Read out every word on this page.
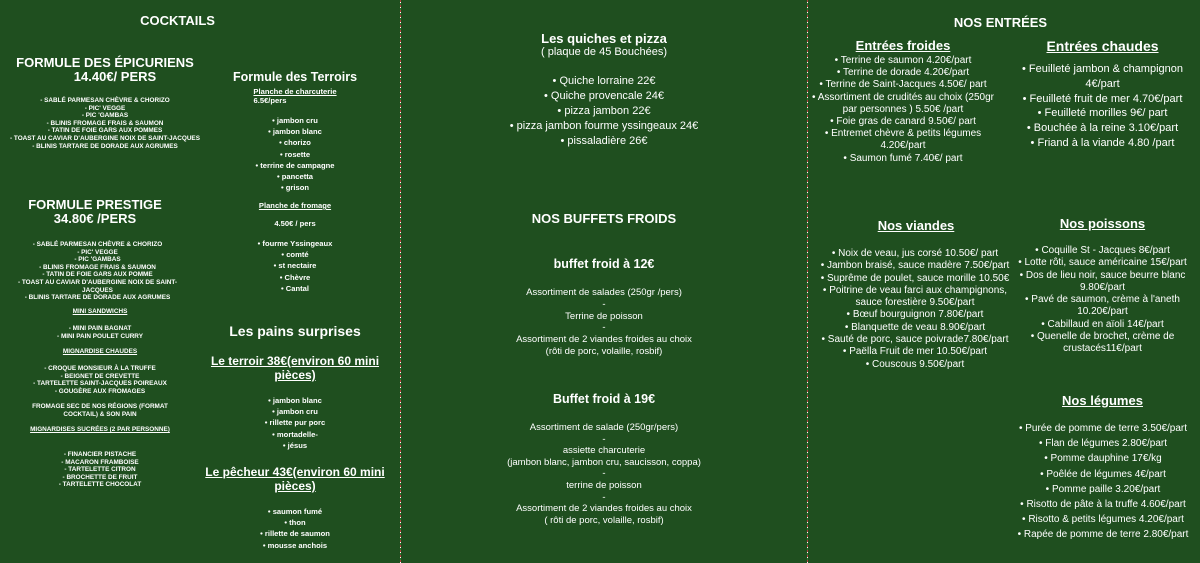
COCKTAILS
FORMULE DES ÉPICURIENS
14.40€/ PERS
- SABLÉ PARMESAN CHÈVRE & CHORIZO
- PIC' VEGGE
- PIC 'GAMBAS
- BLINIS FROMAGE FRAIS & SAUMON
- TATIN DE FOIE GARS AUX POMMES
- TOAST AU CAVIAR D'AUBERGINE NOIX DE SAINT-JACQUES
- BLINIS TARTARE DE DORADE AUX AGRUMES
FORMULE PRESTIGE
34.80€ /PERS
- SABLÉ PARMESAN CHÈVRE & CHORIZO
- PIC' VEGGE
- PIC 'GAMBAS
- BLINIS FROMAGE FRAIS & SAUMON
- TATIN DE FOIE GARS AUX POMME
- TOAST AU CAVIAR D'AUBERGINE NOIX DE SAINT-JACQUES
- BLINIS TARTARE DE DORADE AUX AGRUMES
MINI SANDWICHS
- MINI PAIN BAGNAT
- MINI PAIN POULET CURRY
MIGNARDISE CHAUDES
- CROQUE MONSIEUR À LA TRUFFE
- BEIGNET DE CREVETTE
- TARTELETTE SAINT-JACQUES POIREAUX
- GOUGÈRE AUX FROMAGES
FROMAGE SEC DE NOS RÉGIONS (FORMAT COCKTAIL) & SON PAIN
MIGNARDISES SUCRÉES (2 PAR PERSONNE)
- FINANCIER PISTACHE
- MACARON FRAMBOISE
- TARTELETTE CITRON
- BROCHETTE DE FRUIT
- TARTELETTE CHOCOLAT
Formule des Terroirs
Planche de charcuterie
6.5€/pers
• jambon cru
• jambon blanc
• chorizo
• rosette
• terrine de campagne
• pancetta
• grison
Planche de fromage
4.50€ / pers
• fourme Yssingeaux
• comté
• st nectaire
• Chèvre
• Cantal
Les pains surprises
Le terroir 38€(environ 60 mini pièces)
• jambon blanc
• jambon cru
• rillette pur porc
• mortadelle-
• jésus
Le pêcheur 43€(environ 60 mini pièces)
• saumon fumé
• thon
• rillette de saumon
• mousse anchois
Les quiches et pizza
( plaque de 45 Bouchées)
• Quiche lorraine 22€
• Quiche provencale 24€
• pizza jambon 22€
• pizza jambon fourme yssingeaux 24€
• pissaladière 26€
NOS BUFFETS FROIDS
buffet froid à 12€
Assortiment de salades (250gr /pers)
-
Terrine de poisson
-
Assortiment de 2 viandes froides au choix
(rôti de porc, volaille, rosbif)
Buffet froid à 19€
Assortiment de salade (250gr/pers)
-
assiette charcuterie
(jambon blanc, jambon cru, saucisson, coppa)
-
terrine de poisson
-
Assortiment de 2 viandes froides au choix
( rôti de porc, volaille, rosbif)
NOS ENTRÉES
Entrées froides
• Terrine de saumon 4.20€/part
• Terrine de dorade 4.20€/part
• Terrine de Saint-Jacques 4.50€/ part
• Assortiment de crudités au choix (250gr par personnes ) 5.50€ /part
• Foie gras de canard 9.50€/ part
• Entremet chèvre & petits légumes 4.20€/part
• Saumon fumé 7.40€/ part
Entrées chaudes
• Feuilleté jambon & champignon 4€/part
• Feuilleté fruit de mer 4.70€/part
• Feuilleté morilles 9€/ part
• Bouchée à la reine 3.10€/part
• Friand à la viande 4.80 /part
Nos viandes
• Noix de veau, jus corsé 10.50€/ part
• Jambon braisé, sauce madère 7.50€/part
• Suprême de poulet, sauce morille 10.50€
• Poitrine de veau farci aux champignons, sauce forestière 9.50€/part
• Bœuf bourguignon 7.80€/part
• Blanquette de veau 8.90€/part
• Sauté de porc, sauce poivrade7.80€/part
• Paëlla Fruit de mer 10.50€/part
• Couscous 9.50€/part
Nos poissons
• Coquille St - Jacques 8€/part
• Lotte rôti, sauce américaine 15€/part
• Dos de lieu noir, sauce beurre blanc 9.80€/part
• Pavé de saumon, crème à l'aneth 10.20€/part
• Cabillaud en aïoli 14€/part
• Quenelle de brochet, crème de crustacés11€/part
Nos légumes
• Purée de pomme de terre 3.50€/part
• Flan de légumes 2.80€/part
• Pomme dauphine 17€/kg
• Poêlée de légumes 4€/part
• Pomme paille 3.20€/part
• Risotto de pâte à la truffe 4.60€/part
• Risotto & petits légumes 4.20€/part
• Rapée de pomme de terre 2.80€/part
